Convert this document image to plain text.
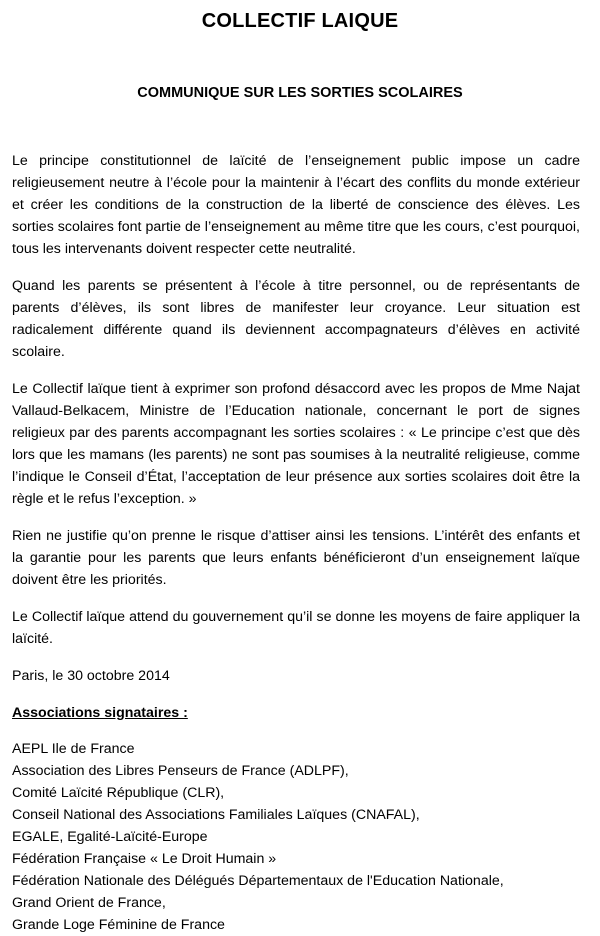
COLLECTIF LAIQUE
COMMUNIQUE SUR LES SORTIES SCOLAIRES

Le principe constitutionnel de laïcité de l’enseignement public impose un cadre religieusement neutre à l’école pour la maintenir à l’écart des conflits du monde extérieur et créer les conditions de la construction de la liberté de conscience des élèves. Les sorties scolaires font partie de l’enseignement au même titre que les cours, c’est pourquoi, tous les intervenants doivent respecter cette neutralité.

Quand les parents se présentent à l’école à titre personnel, ou de représentants de parents d’élèves, ils sont libres de manifester leur croyance. Leur situation est radicalement différente quand ils deviennent accompagnateurs d’élèves en activité scolaire.

Le Collectif laïque tient à exprimer son profond désaccord avec les propos de Mme Najat Vallaud-Belkacem, Ministre de l’Education nationale, concernant le port de signes religieux par des parents accompagnant les sorties scolaires : « Le principe c’est que dès lors que les mamans (les parents) ne sont pas soumises à la neutralité religieuse, comme l’indique le Conseil d’État, l’acceptation de leur présence aux sorties scolaires doit être la règle et le refus l’exception. »

Rien ne justifie qu’on prenne le risque d’attiser ainsi les tensions. L’intérêt des enfants et la garantie pour les parents que leurs enfants bénéficieront d’un enseignement laïque doivent être les priorités.

Le Collectif laïque attend du gouvernement qu’il se donne les moyens de faire appliquer la laïcité.

Paris, le 30 octobre 2014

Associations signataires :

AEPL Ile de France
Association des Libres Penseurs de France (ADLPF),
Comité Laïcité République (CLR),
Conseil National des Associations Familiales Laïques (CNAFAL),
EGALE, Egalité-Laïcité-Europe
Fédération Française « Le Droit Humain »
Fédération Nationale des Délégués Départementaux de l'Education Nationale,
Grand Orient de France,
Grande Loge Féminine de France
